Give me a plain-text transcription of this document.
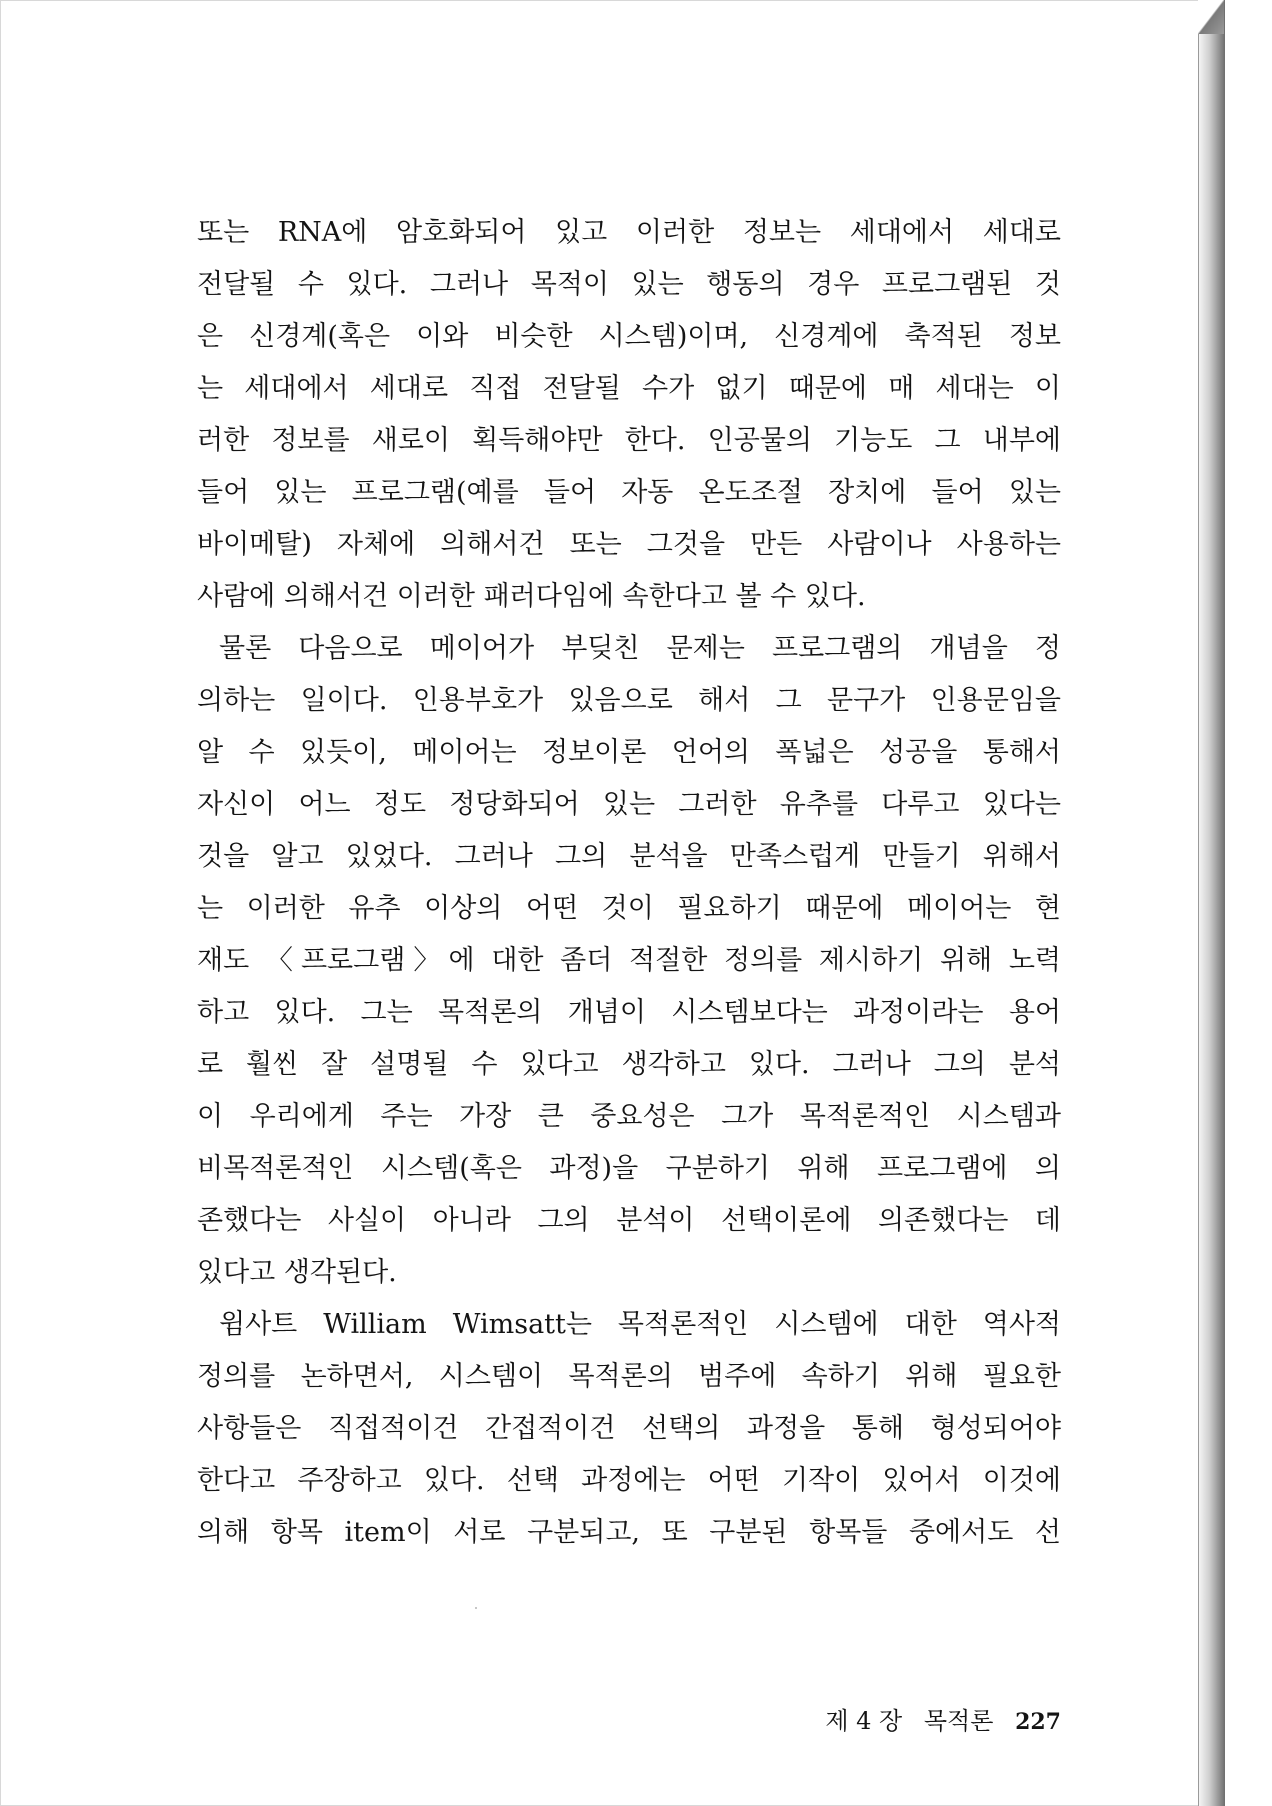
또는 RNA에 암호화되어 있고 이러한 정보는 세대에서 세대로
전달될 수 있다. 그러나 목적이 있는 행동의 경우 프로그램된 것
은 신경계(혹은 이와 비슷한 시스템)이며, 신경계에 축적된 정보
는 세대에서 세대로 직접 전달될 수가 없기 때문에 매 세대는 이
러한 정보를 새로이 획득해야만 한다. 인공물의 기능도 그 내부에
들어 있는 프로그램(예를 들어 자동 온도조절 장치에 들어 있는
바이메탈) 자체에 의해서건 또는 그것을 만든 사람이나 사용하는
사람에 의해서건 이러한 패러다임에 속한다고 볼 수 있다.
물론 다음으로 메이어가 부딪친 문제는 프로그램의 개념을 정
의하는 일이다. 인용부호가 있음으로 해서 그 문구가 인용문임을
알 수 있듯이, 메이어는 정보이론 언어의 폭넓은 성공을 통해서
자신이 어느 정도 정당화되어 있는 그러한 유추를 다루고 있다는
것을 알고 있었다. 그러나 그의 분석을 만족스럽게 만들기 위해서
는 이러한 유추 이상의 어떤 것이 필요하기 때문에 메이어는 현
재도 〈프로그램〉에 대한 좀더 적절한 정의를 제시하기 위해 노력
하고 있다. 그는 목적론의 개념이 시스템보다는 과정이라는 용어
로 훨씬 잘 설명될 수 있다고 생각하고 있다. 그러나 그의 분석
이 우리에게 주는 가장 큰 중요성은 그가 목적론적인 시스템과
비목적론적인 시스템(혹은 과정)을 구분하기 위해 프로그램에 의
존했다는 사실이 아니라 그의 분석이 선택이론에 의존했다는 데
있다고 생각된다.
윔사트 William Wimsatt는 목적론적인 시스템에 대한 역사적
정의를 논하면서, 시스템이 목적론의 범주에 속하기 위해 필요한
사항들은 직접적이건 간접적이건 선택의 과정을 통해 형성되어야
한다고 주장하고 있다. 선택 과정에는 어떤 기작이 있어서 이것에
의해 항목 item이 서로 구분되고, 또 구분된 항목들 중에서도 선
제 4 장 목적론 227
